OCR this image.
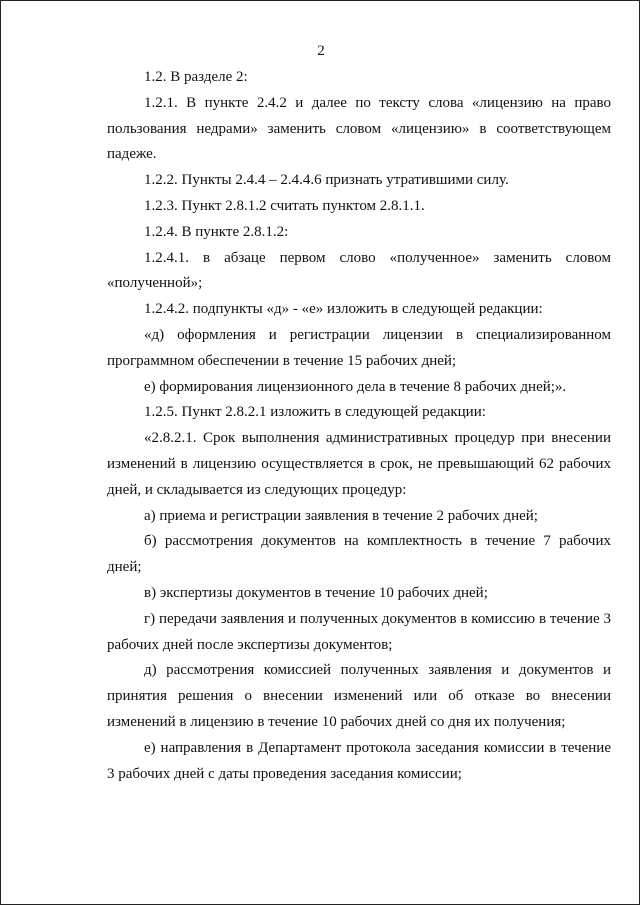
2

1.2. В разделе 2:

1.2.1. В пункте 2.4.2 и далее по тексту слова «лицензию на право пользования недрами» заменить словом «лицензию» в соответствующем падеже.

1.2.2. Пункты 2.4.4 – 2.4.4.6 признать утратившими силу.

1.2.3. Пункт 2.8.1.2 считать пунктом 2.8.1.1.

1.2.4. В пункте 2.8.1.2:

1.2.4.1. в абзаце первом слово «полученное» заменить словом «полученной»;

1.2.4.2. подпункты «д» - «е» изложить в следующей редакции:

«д) оформления и регистрации лицензии в специализированном программном обеспечении в течение 15 рабочих дней;

е) формирования лицензионного дела в течение 8 рабочих дней;».

1.2.5. Пункт 2.8.2.1 изложить в следующей редакции:

«2.8.2.1. Срок выполнения административных процедур при внесении изменений в лицензию осуществляется в срок, не превышающий 62 рабочих дней, и складывается из следующих процедур:

а) приема и регистрации заявления в течение 2 рабочих дней;

б) рассмотрения документов на комплектность в течение 7 рабочих дней;

в) экспертизы документов в течение 10 рабочих дней;

г) передачи заявления и полученных документов в комиссию в течение 3 рабочих дней после экспертизы документов;

д) рассмотрения комиссией полученных заявления и документов и принятия решения о внесении изменений или об отказе во внесении изменений в лицензию в течение 10 рабочих дней со дня их получения;

е) направления в Департамент протокола заседания комиссии в течение 3 рабочих дней с даты проведения заседания комиссии;
